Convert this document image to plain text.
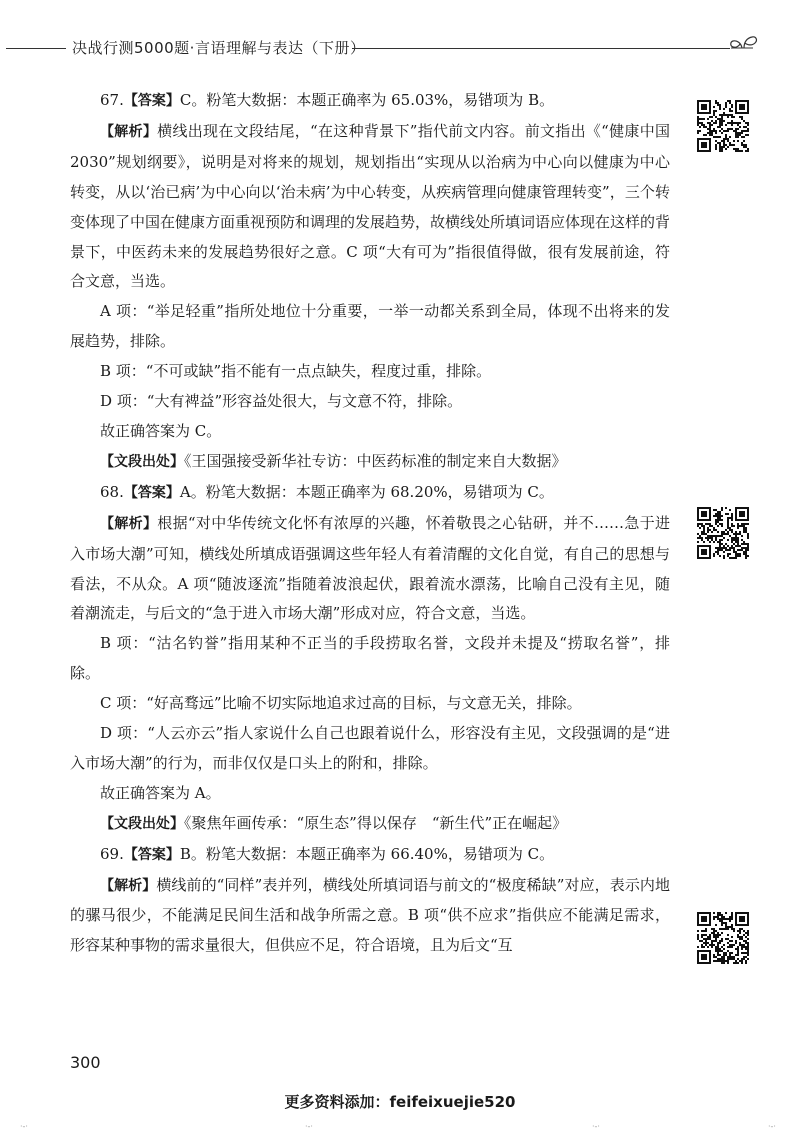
决战行测5000题·言语理解与表达（下册）

67.【答案】C。粉笔大数据：本题正确率为 65.03%，易错项为 B。

【解析】横线出现在文段结尾，“在这种背景下”指代前文内容。前文指出《“健康中国 2030”规划纲要》，说明是对将来的规划，规划指出“实现从以治病为中心向以健康为中心转变，从以‘治已病’为中心向以‘治未病’为中心转变，从疾病管理向健康管理转变”，三个转变体现了中国在健康方面重视预防和调理的发展趋势，故横线处所填词语应体现在这样的背景下，中医药未来的发展趋势很好之意。C 项“大有可为”指很值得做，很有发展前途，符合文意，当选。

A 项：“举足轻重”指所处地位十分重要，一举一动都关系到全局，体现不出将来的发展趋势，排除。

B 项：“不可或缺”指不能有一点点缺失，程度过重，排除。

D 项：“大有裨益”形容益处很大，与文意不符，排除。

故正确答案为 C。

【文段出处】《王国强接受新华社专访：中医药标准的制定来自大数据》

68.【答案】A。粉笔大数据：本题正确率为 68.20%，易错项为 C。

【解析】根据“对中华传统文化怀有浓厚的兴趣，怀着敬畏之心钻研，并不……急于进入市场大潮”可知，横线处所填成语强调这些年轻人有着清醒的文化自觉，有自己的思想与看法，不从众。A 项“随波逐流”指随着波浪起伏，跟着流水漂荡，比喻自己没有主见，随着潮流走，与后文的“急于进入市场大潮”形成对应，符合文意，当选。

B 项：“沽名钓誉”指用某种不正当的手段捞取名誉，文段并未提及“捞取名誉”，排除。

C 项：“好高骛远”比喻不切实际地追求过高的目标，与文意无关，排除。

D 项：“人云亦云”指人家说什么自己也跟着说什么，形容没有主见，文段强调的是“进入市场大潮”的行为，而非仅仅是口头上的附和，排除。

故正确答案为 A。

【文段出处】《聚焦年画传承：“原生态”得以保存　“新生代”正在崛起》

69.【答案】B。粉笔大数据：本题正确率为 66.40%，易错项为 C。

【解析】横线前的“同样”表并列，横线处所填词语与前文的“极度稀缺”对应，表示内地的骡马很少，不能满足民间生活和战争所需之意。B 项“供不应求”指供应不能满足需求，形容某种事物的需求量很大，但供应不足，符合语境，且为后文“互

300
更多资料添加：feifeixuejie520
·-·	·-·	·-·	·-·
